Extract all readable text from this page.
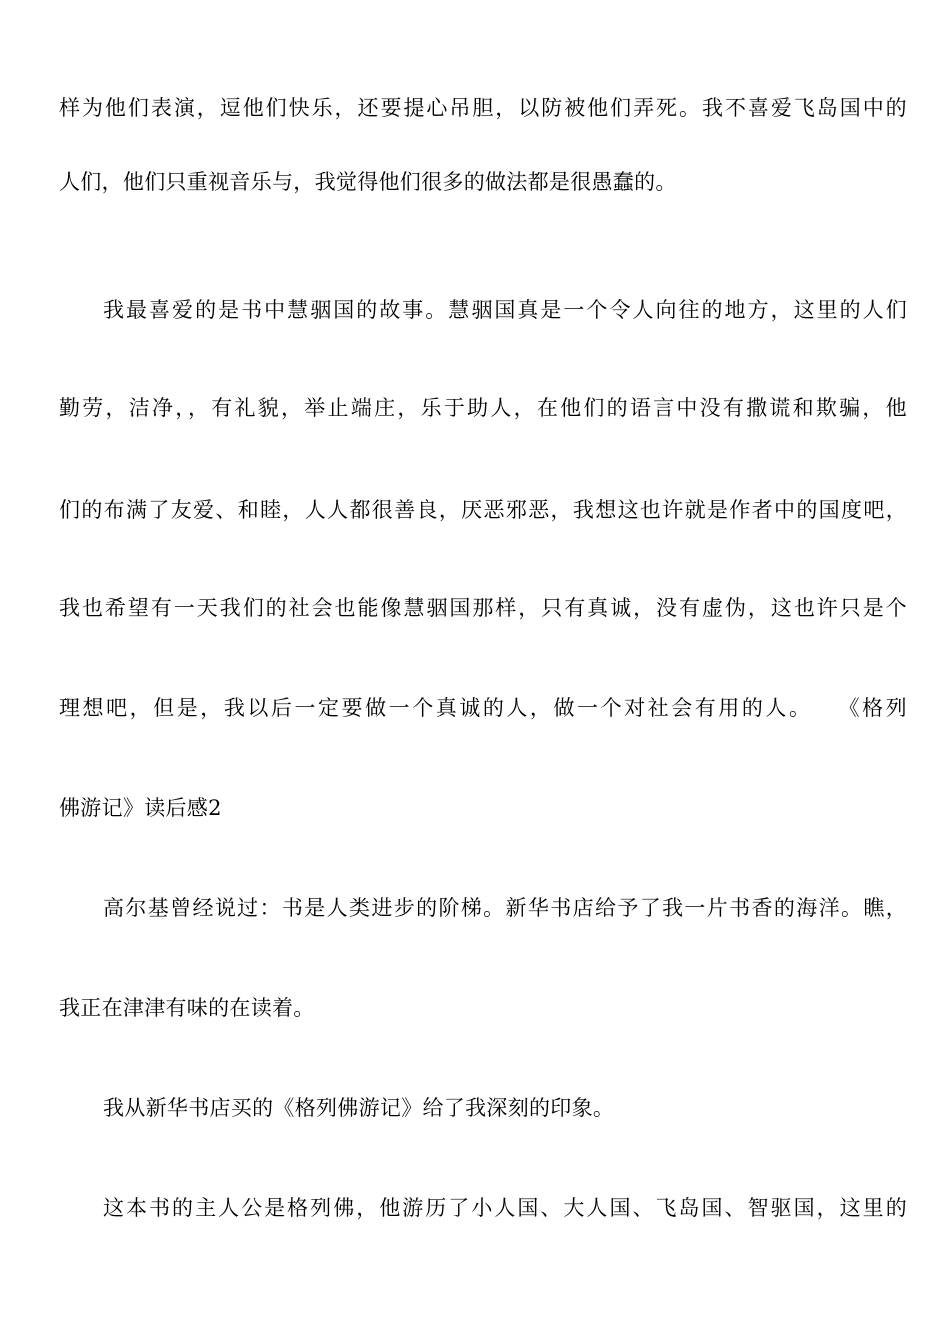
样为他们表演，逗他们快乐，还要提心吊胆，以防被他们弄死。我不喜爱飞岛国中的

人们，他们只重视音乐与，我觉得他们很多的做法都是很愚蠢的。

我最喜爱的是书中慧骃国的故事。慧骃国真是一个令人向往的地方，这里的人们

勤劳，洁净，，有礼貌，举止端庄，乐于助人，在他们的语言中没有撒谎和欺骗，他

们的布满了友爱、和睦，人人都很善良，厌恶邪恶，我想这也许就是作者中的国度吧，

我也希望有一天我们的社会也能像慧骃国那样，只有真诚，没有虚伪，这也许只是个

理想吧，但是，我以后一定要做一个真诚的人，做一个对社会有用的人。　　《格列

佛游记》读后感2

高尔基曾经说过：书是人类进步的阶梯。新华书店给予了我一片书香的海洋。瞧，

我正在津津有味的在读着。

我从新华书店买的《格列佛游记》给了我深刻的印象。

这本书的主人公是格列佛，他游历了小人国、大人国、飞岛国、智驱国，这里的
